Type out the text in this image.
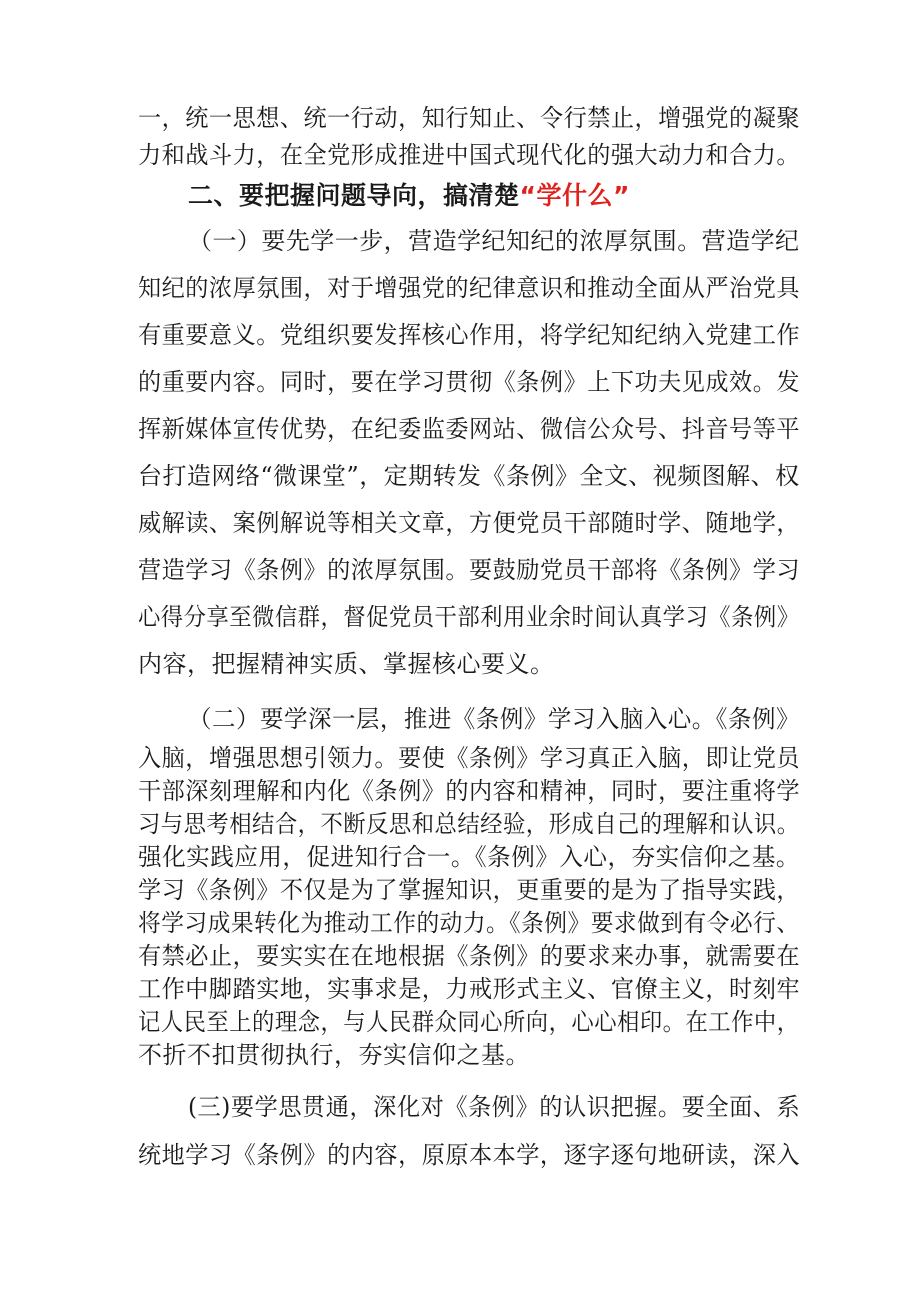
一，统一思想、统一行动，知行知止、令行禁止，增强党的凝聚
力和战斗力，在全党形成推进中国式现代化的强大动力和合力。
二、要把握问题导向，搞清楚“学什么”
（一）要先学一步，营造学纪知纪的浓厚氛围。营造学纪
知纪的浓厚氛围，对于增强党的纪律意识和推动全面从严治党具
有重要意义。党组织要发挥核心作用，将学纪知纪纳入党建工作
的重要内容。同时，要在学习贯彻《条例》上下功夫见成效。发
挥新媒体宣传优势，在纪委监委网站、微信公众号、抖音号等平
台打造网络“微课堂”，定期转发《条例》全文、视频图解、权
威解读、案例解说等相关文章，方便党员干部随时学、随地学，
营造学习《条例》的浓厚氛围。要鼓励党员干部将《条例》学习
心得分享至微信群，督促党员干部利用业余时间认真学习《条例》
内容，把握精神实质、掌握核心要义。
（二）要学深一层，推进《条例》学习入脑入心。《条例》
入脑，增强思想引领力。要使《条例》学习真正入脑，即让党员
干部深刻理解和内化《条例》的内容和精神，同时，要注重将学
习与思考相结合，不断反思和总结经验，形成自己的理解和认识。
强化实践应用，促进知行合一。《条例》入心，夯实信仰之基。
学习《条例》不仅是为了掌握知识，更重要的是为了指导实践，
将学习成果转化为推动工作的动力。《条例》要求做到有令必行、
有禁必止，要实实在在地根据《条例》的要求来办事，就需要在
工作中脚踏实地，实事求是，力戒形式主义、官僚主义，时刻牢
记人民至上的理念，与人民群众同心所向，心心相印。在工作中，
不折不扣贯彻执行，夯实信仰之基。
(三)要学思贯通，深化对《条例》的认识把握。要全面、系
统地学习《条例》的内容，原原本本学，逐字逐句地研读，深入
